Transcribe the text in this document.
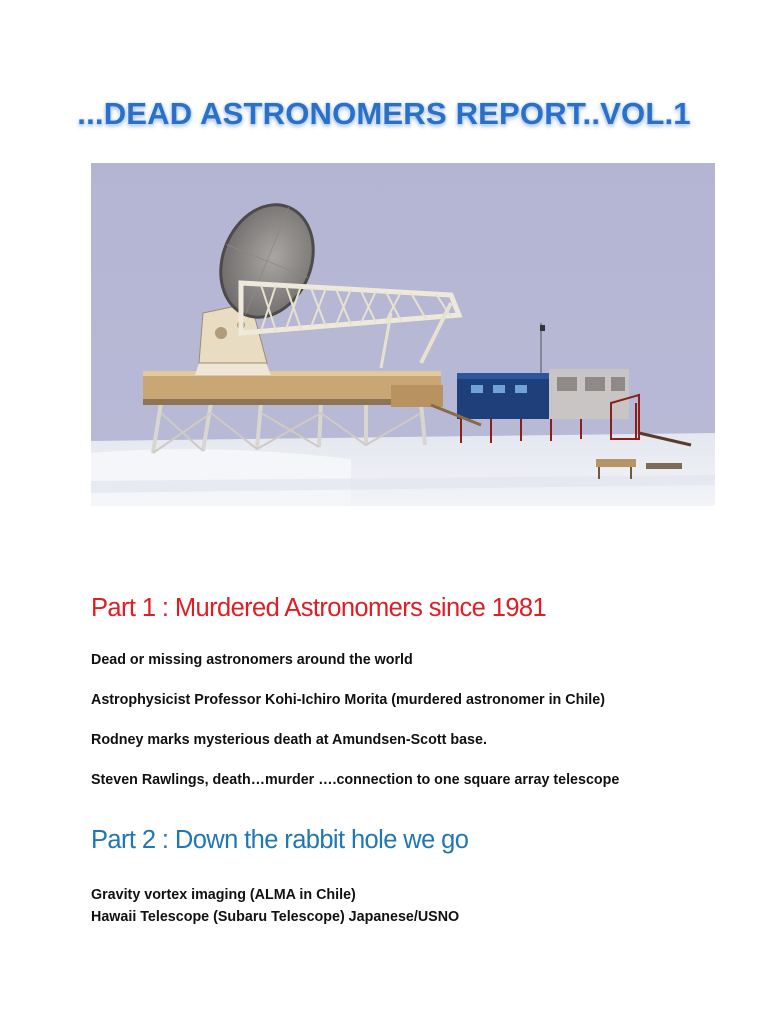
...DEAD ASTRONOMERS REPORT..VOL.1
Part 1 : Murdered Astronomers since 1981
Dead or missing astronomers around the world
Astrophysicist Professor Kohi-Ichiro Morita (murdered astronomer in Chile)
Rodney marks mysterious death at Amundsen-Scott base.
Steven Rawlings, death…murder ….connection to one square array telescope
Part 2 : Down the rabbit hole we go
Gravity vortex imaging (ALMA in Chile)
Hawaii Telescope (Subaru Telescope) Japanese/USNO
